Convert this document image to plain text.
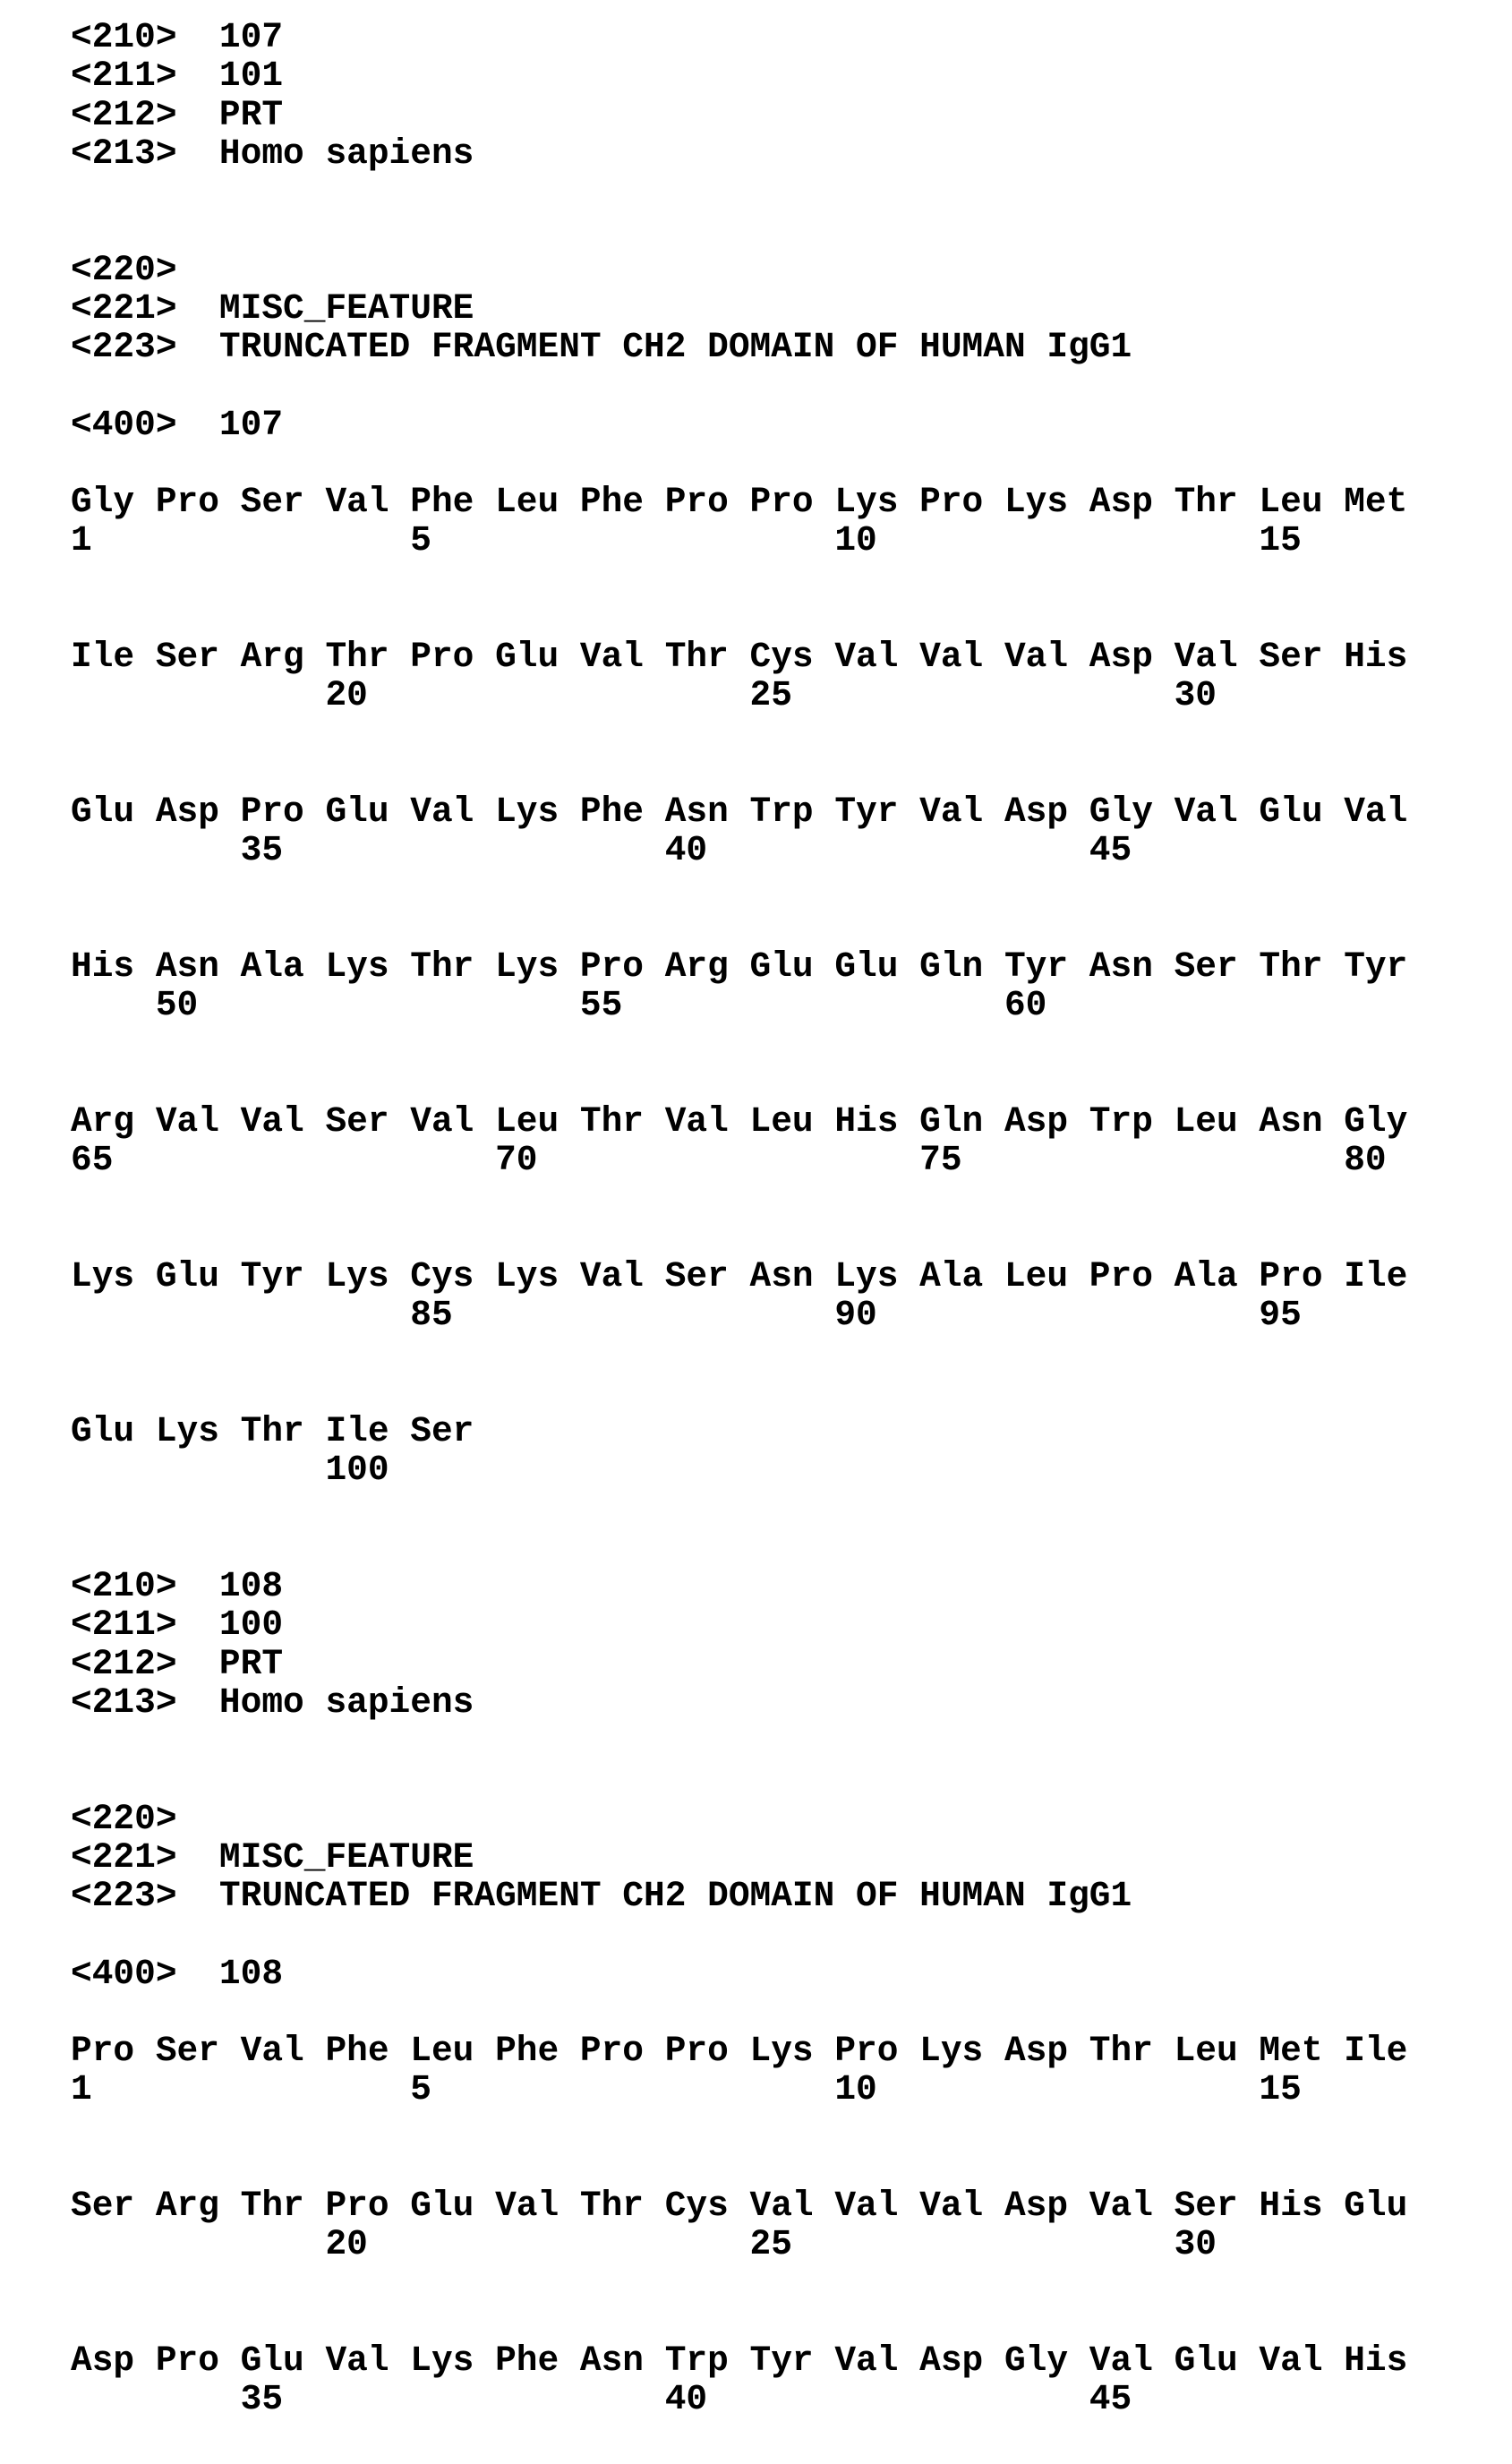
<210>  107
<211>  101
<212>  PRT
<213>  Homo sapiens
<220>
<221>  MISC_FEATURE
<223>  TRUNCATED FRAGMENT CH2 DOMAIN OF HUMAN IgG1
<400>  107
Gly Pro Ser Val Phe Leu Phe Pro Pro Lys Pro Lys Asp Thr Leu Met
1               5                   10                  15
Ile Ser Arg Thr Pro Glu Val Thr Cys Val Val Val Asp Val Ser His
20                  25                  30
Glu Asp Pro Glu Val Lys Phe Asn Trp Tyr Val Asp Gly Val Glu Val
35                  40                  45
His Asn Ala Lys Thr Lys Pro Arg Glu Glu Gln Tyr Asn Ser Thr Tyr
50                  55                  60
Arg Val Val Ser Val Leu Thr Val Leu His Gln Asp Trp Leu Asn Gly
65                  70                  75                  80
Lys Glu Tyr Lys Cys Lys Val Ser Asn Lys Ala Leu Pro Ala Pro Ile
85                  90                  95
Glu Lys Thr Ile Ser
100
<210>  108
<211>  100
<212>  PRT
<213>  Homo sapiens
<220>
<221>  MISC_FEATURE
<223>  TRUNCATED FRAGMENT CH2 DOMAIN OF HUMAN IgG1
<400>  108
Pro Ser Val Phe Leu Phe Pro Pro Lys Pro Lys Asp Thr Leu Met Ile
1               5                   10                  15
Ser Arg Thr Pro Glu Val Thr Cys Val Val Val Asp Val Ser His Glu
20                  25                  30
Asp Pro Glu Val Lys Phe Asn Trp Tyr Val Asp Gly Val Glu Val His
35                  40                  45
